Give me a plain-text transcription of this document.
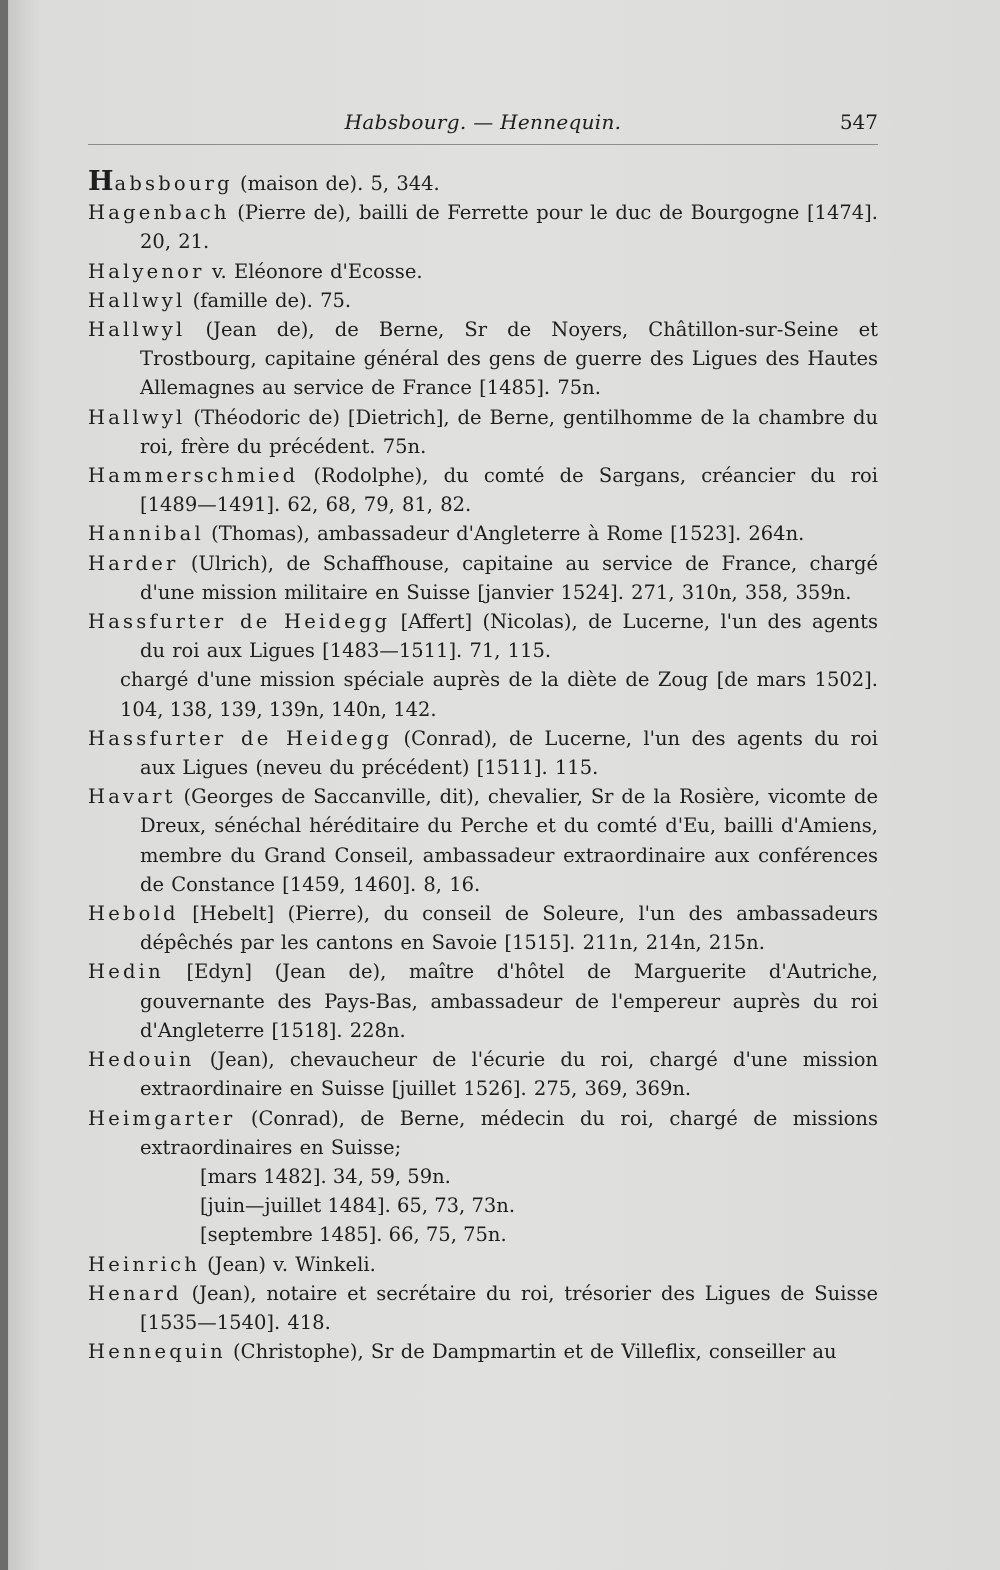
Habsbourg. — Hennequin.	547

Habsbourg (maison de). 5, 344.

Hagenbach (Pierre de), bailli de Ferrette pour le duc de Bourgogne [1474]. 20, 21.

Halyenor v. Eléonore d'Ecosse.

Hallwyl (famille de). 75.

Hallwyl (Jean de), de Berne, Sr de Noyers, Châtillon-sur-Seine et Trostbourg, capitaine général des gens de guerre des Ligues des Hautes Allemagnes au service de France [1485]. 75n.

Hallwyl (Théodoric de) [Dietrich], de Berne, gentilhomme de la chambre du roi, frère du précédent. 75n.

Hammerschmied (Rodolphe), du comté de Sargans, créancier du roi [1489—1491]. 62, 68, 79, 81, 82.

Hannibal (Thomas), ambassadeur d'Angleterre à Rome [1523]. 264n.

Harder (Ulrich), de Schaffhouse, capitaine au service de France, chargé d'une mission militaire en Suisse [janvier 1524]. 271, 310n, 358, 359n.

Hassfurter de Heidegg [Affert] (Nicolas), de Lucerne, l'un des agents du roi aux Ligues [1483—1511]. 71, 115.

chargé d'une mission spéciale auprès de la diète de Zoug [de mars 1502]. 104, 138, 139, 139n, 140n, 142.

Hassfurter de Heidegg (Conrad), de Lucerne, l'un des agents du roi aux Ligues (neveu du précédent) [1511]. 115.

Havart (Georges de Saccanville, dit), chevalier, Sr de la Rosière, vicomte de Dreux, sénéchal héréditaire du Perche et du comté d'Eu, bailli d'Amiens, membre du Grand Conseil, ambassadeur extraordinaire aux conférences de Constance [1459, 1460]. 8, 16.

Hebold [Hebelt] (Pierre), du conseil de Soleure, l'un des ambassadeurs dépêchés par les cantons en Savoie [1515]. 211n, 214n, 215n.

Hedin [Edyn] (Jean de), maître d'hôtel de Marguerite d'Autriche, gouvernante des Pays-Bas, ambassadeur de l'empereur auprès du roi d'Angleterre [1518]. 228n.

Hedouin (Jean), chevaucheur de l'écurie du roi, chargé d'une mission extraordinaire en Suisse [juillet 1526]. 275, 369, 369n.

Heimgarter (Conrad), de Berne, médecin du roi, chargé de missions extraordinaires en Suisse;

[mars 1482]. 34, 59, 59n.

[juin—juillet 1484]. 65, 73, 73n.

[septembre 1485]. 66, 75, 75n.

Heinrich (Jean) v. Winkeli.

Henard (Jean), notaire et secrétaire du roi, trésorier des Ligues de Suisse [1535—1540]. 418.

Hennequin (Christophe), Sr de Dampmartin et de Villeflix, conseiller au
